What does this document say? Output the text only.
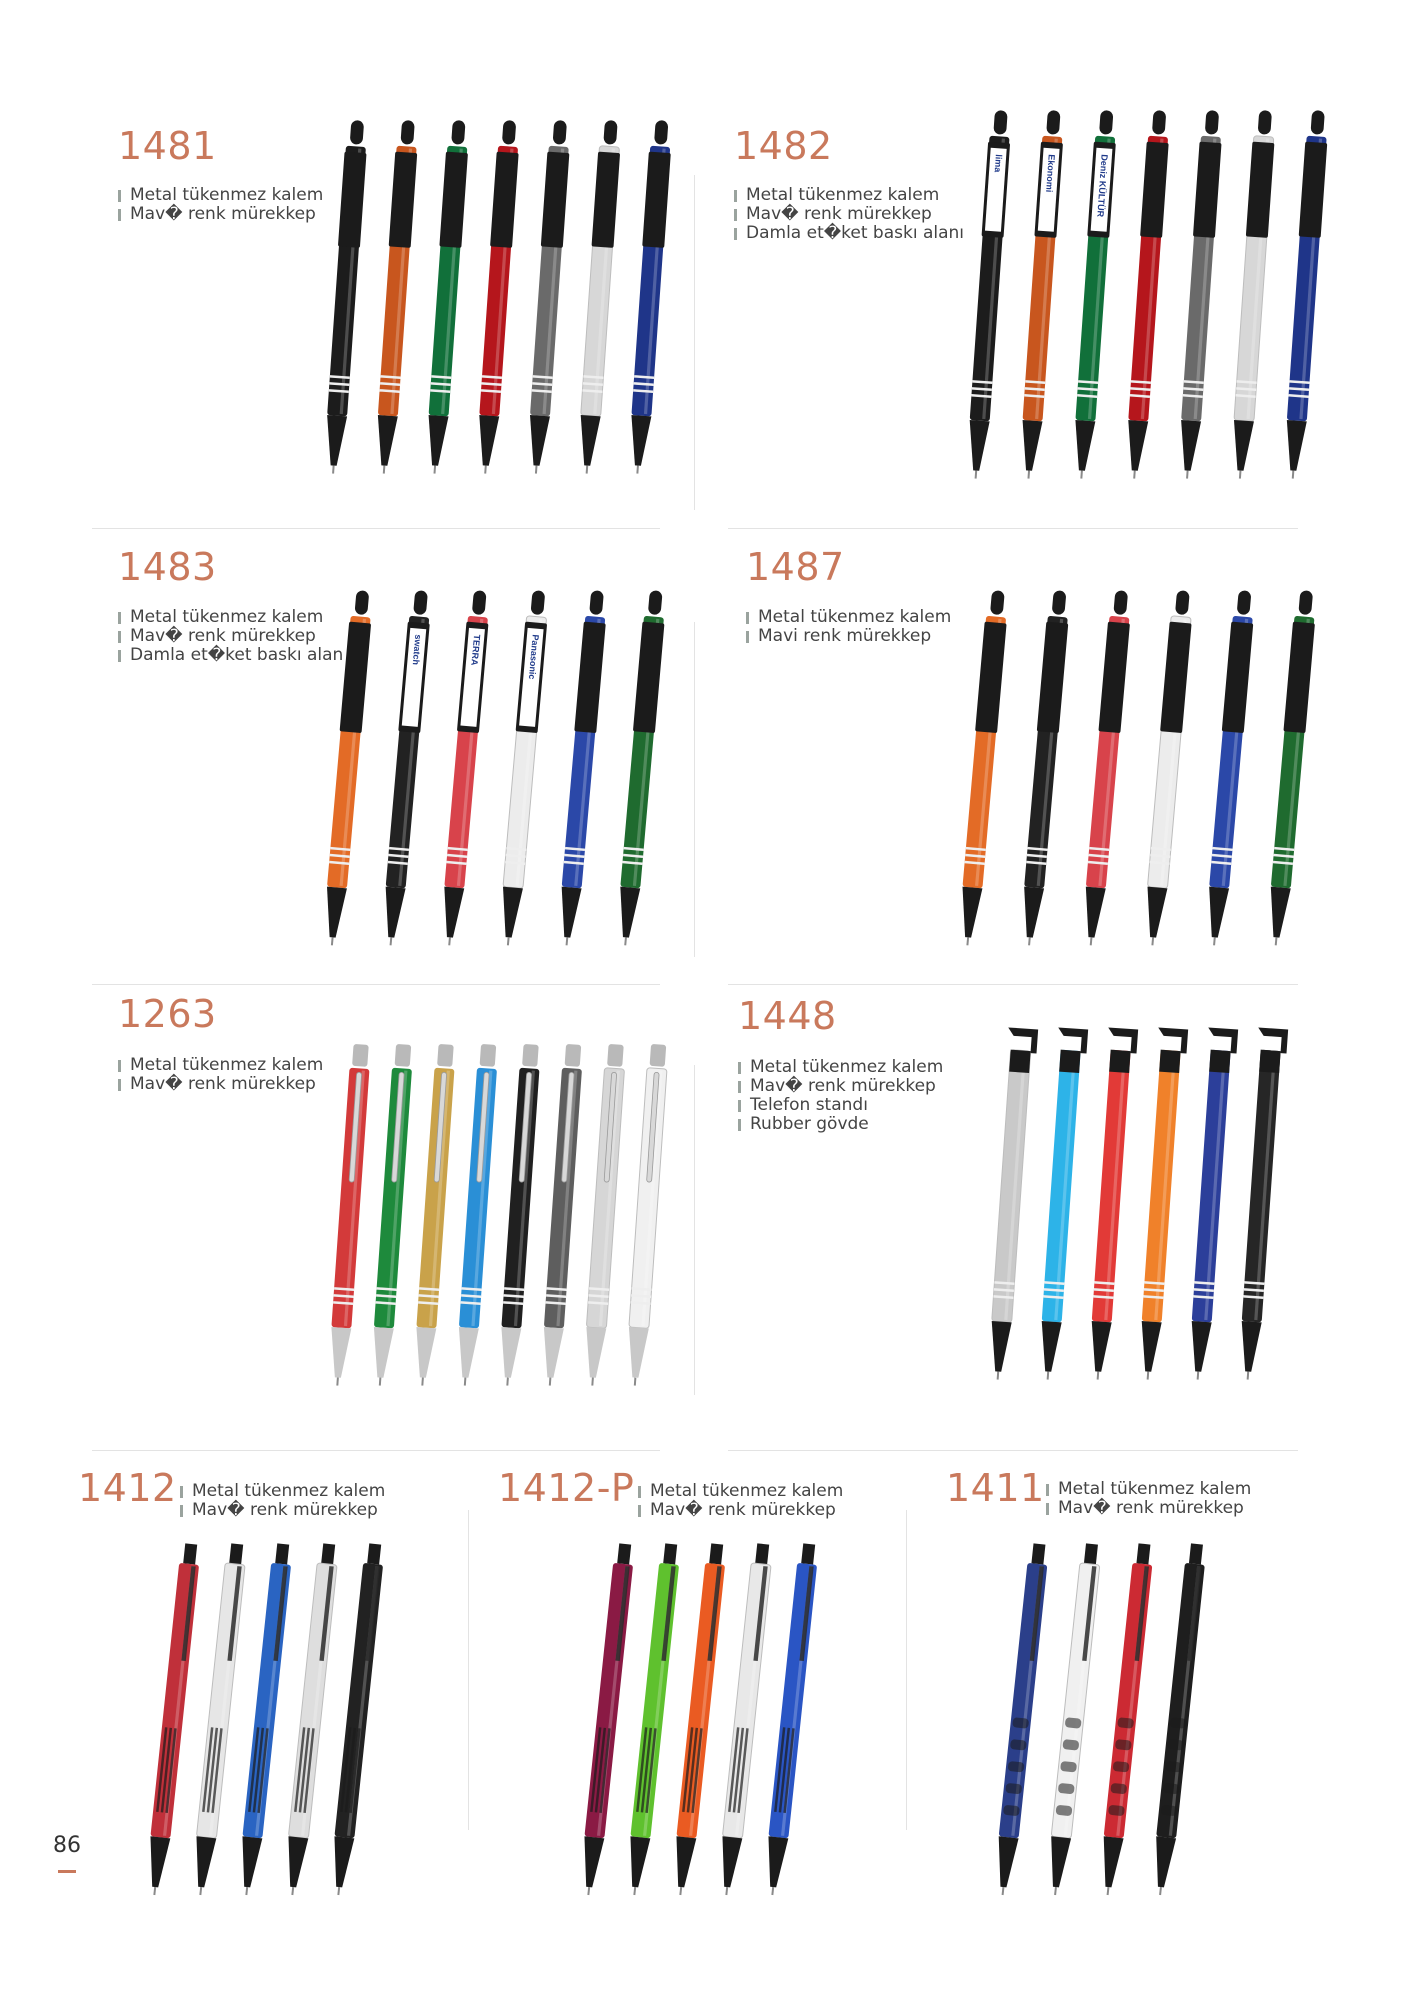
1481
Metal tükenmez kalem
Mav� renk mürekkep
1482
Metal tükenmez kalem
Mav� renk mürekkep
Damla et�ket baskı alanı
lima	Ekonomi	Deniz KÜLTÜR
1483
Metal tükenmez kalem
Mav� renk mürekkep
Damla et�ket baskı alan	swatch	TERRA	Panasonic
1487
Metal tükenmez kalem
Mavi renk mürekkep
1263
Metal tükenmez kalem
Mav� renk mürekkep
1448
Metal tükenmez kalem
Mav� renk mürekkep
Telefon standı
Rubber gövde
1412 Metal tükenmez kalem
Mav� renk mürekkep	1412-P Metal tükenmez kalem
Mav� renk mürekkep	1411 Metal tükenmez kalem
Mav� renk mürekkep
86
